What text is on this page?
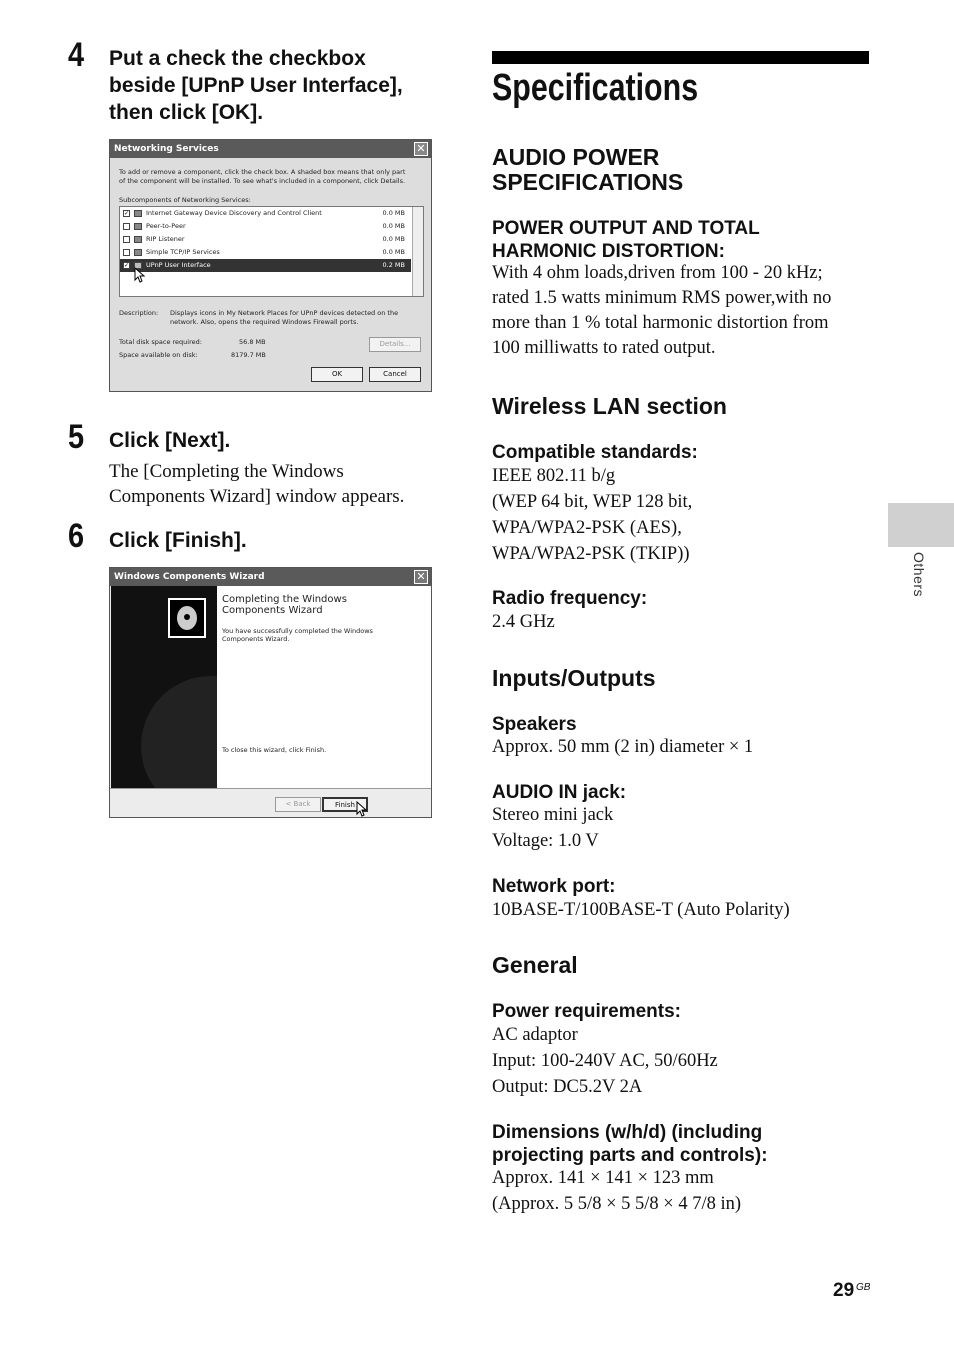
4 Put a check the checkbox
beside [UPnP User Interface],
then click [OK].
Networking Services	✕
To add or remove a component, click the check box. A shaded box means that only part
of the component will be installed. To see what's included in a component, click Details.
Subcomponents of Networking Services:
✓	Internet Gateway Device Discovery and Control Client	0.0 MB
Peer-to-Peer	0.0 MB
RIP Listener	0.0 MB
Simple TCP/IP Services	0.0 MB
✓	UPnP User Interface	0.2 MB
Description: Displays icons in My Network Places for UPnP devices detected on the
network. Also, opens the required Windows Firewall ports.
Total disk space required:	56.8 MB
Space available on disk:	8179.7 MB
Details...
OK	Cancel
5 Click [Next].
The [Completing the Windows
Components Wizard] window appears.
6 Click [Finish].
Windows Components Wizard	✕
Completing the Windows
Components Wizard
You have successfully completed the Windows
Components Wizard.
To close this wizard, click Finish.
< Back	Finish
Specifications
AUDIO POWER
SPECIFICATIONS
POWER OUTPUT AND TOTAL
HARMONIC DISTORTION:
With 4 ohm loads,driven from 100 - 20 kHz;
rated 1.5 watts minimum RMS power,with no
more than 1 % total harmonic distortion from
100 milliwatts to rated output.
Wireless LAN section
Compatible standards:
IEEE 802.11 b/g
(WEP 64 bit, WEP 128 bit,
WPA/WPA2-PSK (AES),
WPA/WPA2-PSK (TKIP))
Radio frequency:
2.4 GHz
Inputs/Outputs
Speakers
Approx. 50 mm (2 in) diameter × 1
AUDIO IN jack:
Stereo mini jack
Voltage: 1.0 V
Network port:
10BASE-T/100BASE-T (Auto Polarity)
General
Power requirements:
AC adaptor
Input: 100-240V AC, 50/60Hz
Output: DC5.2V 2A
Dimensions (w/h/d) (including
projecting parts and controls):
Approx. 141 × 141 × 123 mm
(Approx. 5 5/8 × 5 5/8 × 4 7/8 in)
Others
29 GB
